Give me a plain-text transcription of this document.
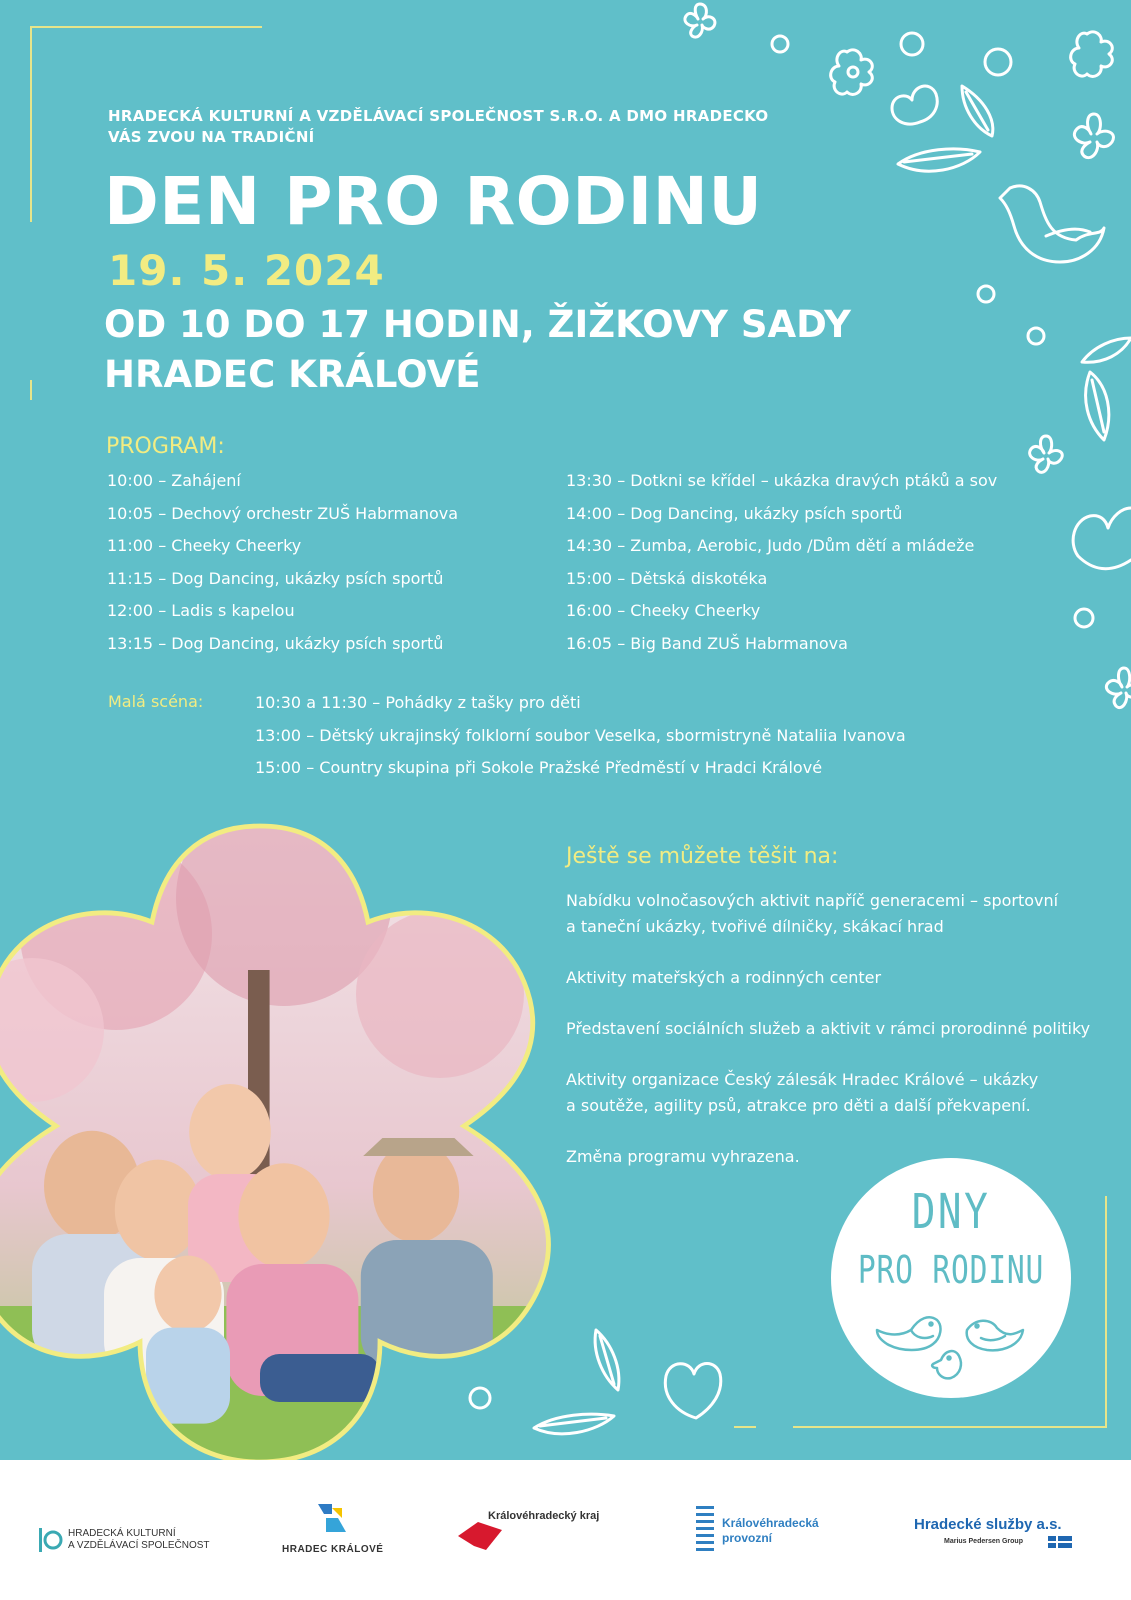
HRADECKÁ KULTURNÍ A VZDĚLÁVACÍ SPOLEČNOST S.R.O. A DMO HRADECKO
VÁS ZVOU NA TRADIČNÍ
DEN PRO RODINU
19. 5. 2024
OD 10 DO 17 HODIN, ŽIŽKOVY SADY
HRADEC KRÁLOVÉ
PROGRAM:
10:00 – Zahájení
10:05 – Dechový orchestr ZUŠ Habrmanova
11:00 – Cheeky Cheerky
11:15 – Dog Dancing, ukázky psích sportů
12:00 – Ladis s kapelou
13:15 – Dog Dancing, ukázky psích sportů
13:30 – Dotkni se křídel – ukázka dravých ptáků a sov
14:00 – Dog Dancing, ukázky psích sportů
14:30 – Zumba, Aerobic, Judo /Dům dětí a mládeže
15:00 – Dětská diskotéka
16:00 – Cheeky Cheerky
16:05 – Big Band ZUŠ Habrmanova
Malá scéna:	10:30 a 11:30 – Pohádky z tašky pro děti
13:00 – Dětský ukrajinský folklorní soubor Veselka, sbormistryně Nataliia Ivanova
15:00 – Country skupina při Sokole Pražské Předměstí v Hradci Králové
Ještě se můžete těšit na:

Nabídku volnočasových aktivit napříč generacemi – sportovní
a taneční ukázky, tvořivé dílničky, skákací hrad

Aktivity mateřských a rodinných center

Představení sociálních služeb a aktivit v rámci prorodinné politiky

Aktivity organizace Český zálesák Hradec Králové – ukázky
a soutěže, agility psů, atrakce pro děti a další překvapení.

Změna programu vyhrazena.

DNY
PRO RODINU
HRADECKÁ KULTURNÍ
A VZDĚLÁVACÍ SPOLEČNOST	HRADEC KRÁLOVÉ
Královéhradecký kraj	Královéhradecká
provozní
Hradecké služby a.s.
Marius Pedersen Group
